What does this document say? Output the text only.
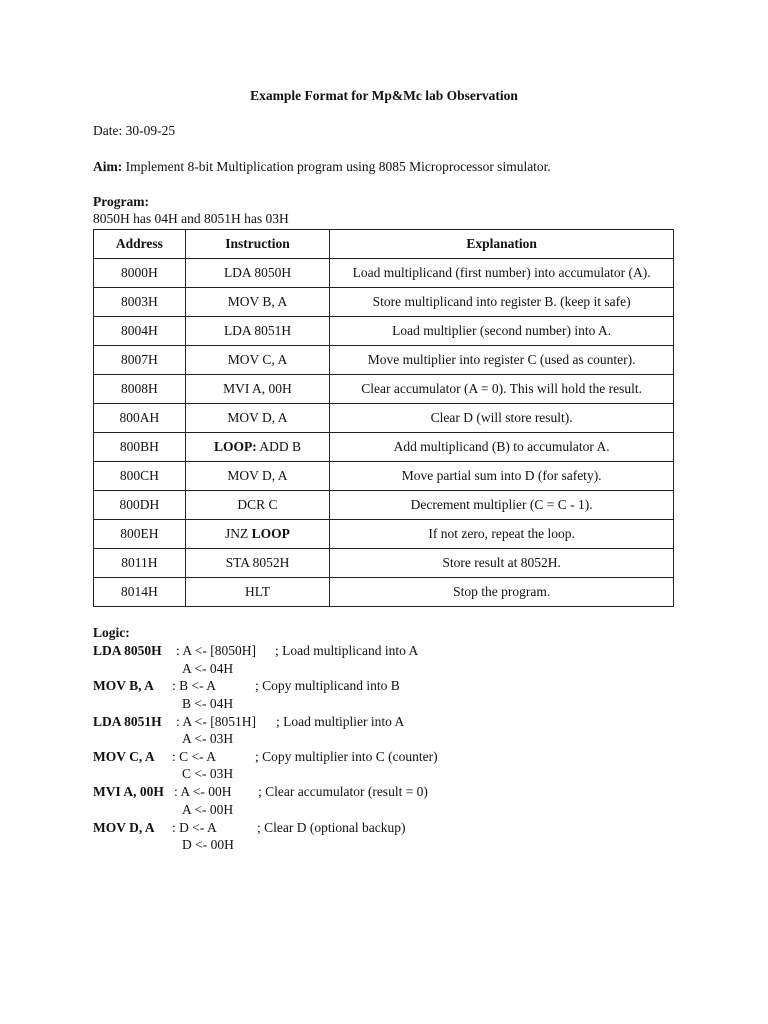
Example Format for Mp&Mc lab Observation
Date: 30-09-25
Aim: Implement 8-bit Multiplication program using 8085 Microprocessor simulator.
Program:
8050H has 04H and 8051H has 03H
Address	Instruction	Explanation
8000H	LDA 8050H	Load multiplicand (first number) into accumulator (A).
8003H	MOV B, A	Store multiplicand into register B. (keep it safe)
8004H	LDA 8051H	Load multiplier (second number) into A.
8007H	MOV C, A	Move multiplier into register C (used as counter).
8008H	MVI A, 00H	Clear accumulator (A = 0). This will hold the result.
800AH	MOV D, A	Clear D (will store result).
800BH	LOOP: ADD B	Add multiplicand (B) to accumulator A.
800CH	MOV D, A	Move partial sum into D (for safety).
800DH	DCR C	Decrement multiplier (C = C - 1).
800EH	JNZ LOOP	If not zero, repeat the loop.
8011H	STA 8052H	Store result at 8052H.
8014H	HLT	Stop the program.
Logic:
LDA 8050H : A <- [8050H] ; Load multiplicand into A
A <- 04H
MOV B, A : B <- A	; Copy multiplicand into B
B <- 04H
LDA 8051H : A <- [8051H] ; Load multiplier into A
A <- 03H
MOV C, A : C <- A	; Copy multiplier into C (counter)
C <- 03H
MVI A, 00H : A <- 00H ; Clear accumulator (result = 0)
A <- 00H
MOV D, A : D <- A	; Clear D (optional backup)
D <- 00H
